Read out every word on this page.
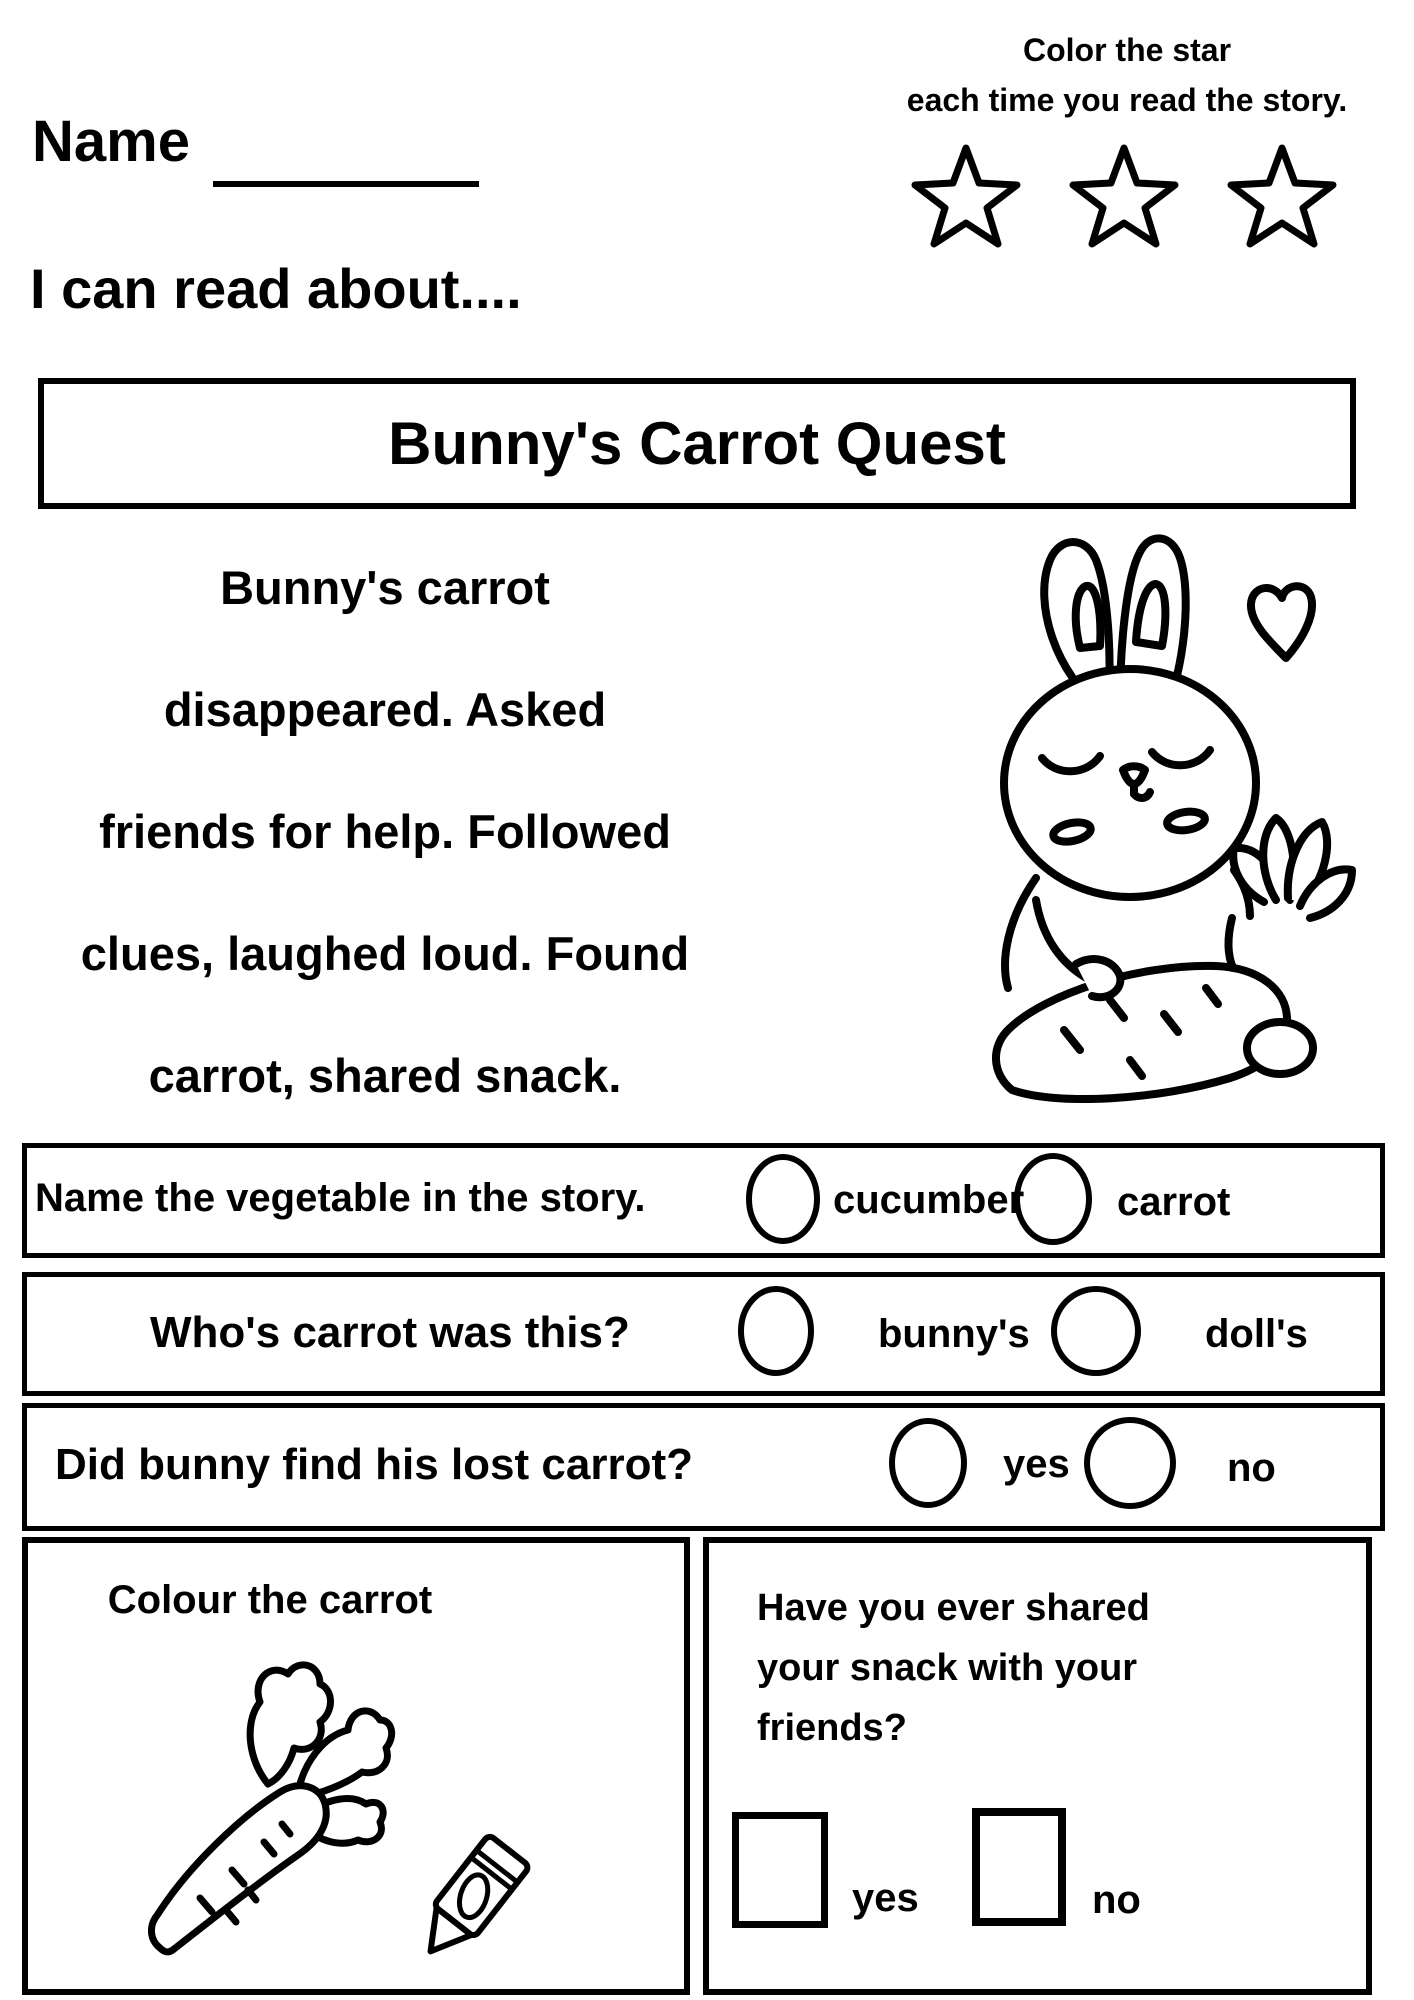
Name
Color the star
each time you read the story.
I can read about....
Bunny's Carrot Quest
Bunny's carrot
disappeared. Asked
friends for help. Followed
clues, laughed loud. Found
carrot, shared snack.
Name the vegetable in the story.	cucumber carrot
Who's carrot was this?	bunny's	doll's
Did bunny find his lost carrot?	yes	no
Colour the carrot	Have you ever shared
your snack with your
friends?
yes	no
